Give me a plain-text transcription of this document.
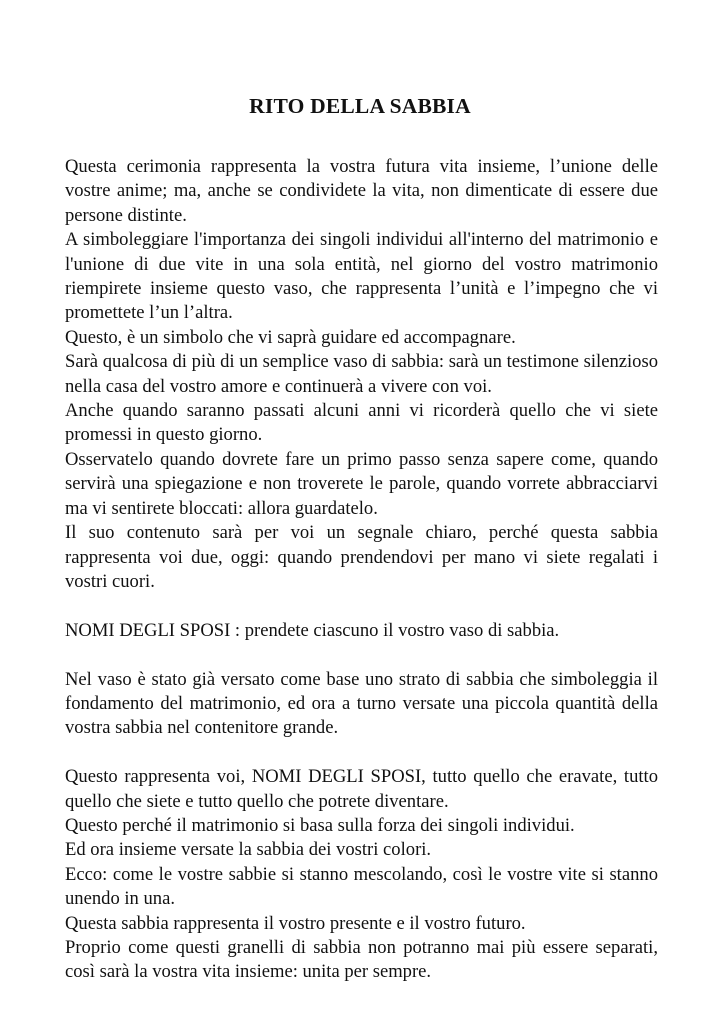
RITO DELLA SABBIA

Questa cerimonia rappresenta la vostra futura vita insieme, l’unione delle vostre anime; ma, anche se condividete la vita, non dimenticate di essere due persone distinte.

A simboleggiare l'importanza dei singoli individui all'interno del matrimonio e l'unione di due vite in una sola entità, nel giorno del vostro matrimonio riempirete insieme questo vaso, che rappresenta l’unità e l’impegno che vi promettete l’un l’altra.

Questo, è un simbolo che vi saprà guidare ed accompagnare.

Sarà qualcosa di più di un semplice vaso di sabbia: sarà un testimone silenzioso nella casa del vostro amore e continuerà a vivere con voi.

Anche quando saranno passati alcuni anni vi ricorderà quello che vi siete promessi in questo giorno.

Osservatelo quando dovrete fare un primo passo senza sapere come, quando servirà una spiegazione e non troverete le parole, quando vorrete abbracciarvi ma vi sentirete bloccati: allora guardatelo.

Il suo contenuto sarà per voi un segnale chiaro, perché questa sabbia rappresenta voi due, oggi: quando prendendovi per mano vi siete regalati i vostri cuori.

NOMI DEGLI SPOSI : prendete ciascuno il vostro vaso di sabbia.

Nel vaso è stato già versato come base uno strato di sabbia che simboleggia il fondamento del matrimonio, ed ora a turno versate una piccola quantità della vostra sabbia nel contenitore grande.

Questo rappresenta voi, NOMI DEGLI SPOSI, tutto quello che eravate, tutto quello che siete e tutto quello che potrete diventare.

Questo perché il matrimonio si basa sulla forza dei singoli individui.

Ed ora insieme versate la sabbia dei vostri colori.

Ecco: come le vostre sabbie si stanno mescolando, così le vostre vite si stanno unendo in una.

Questa sabbia rappresenta il vostro presente e il vostro futuro.

Proprio come questi granelli di sabbia non potranno mai più essere separati, così sarà la vostra vita insieme: unita per sempre.
